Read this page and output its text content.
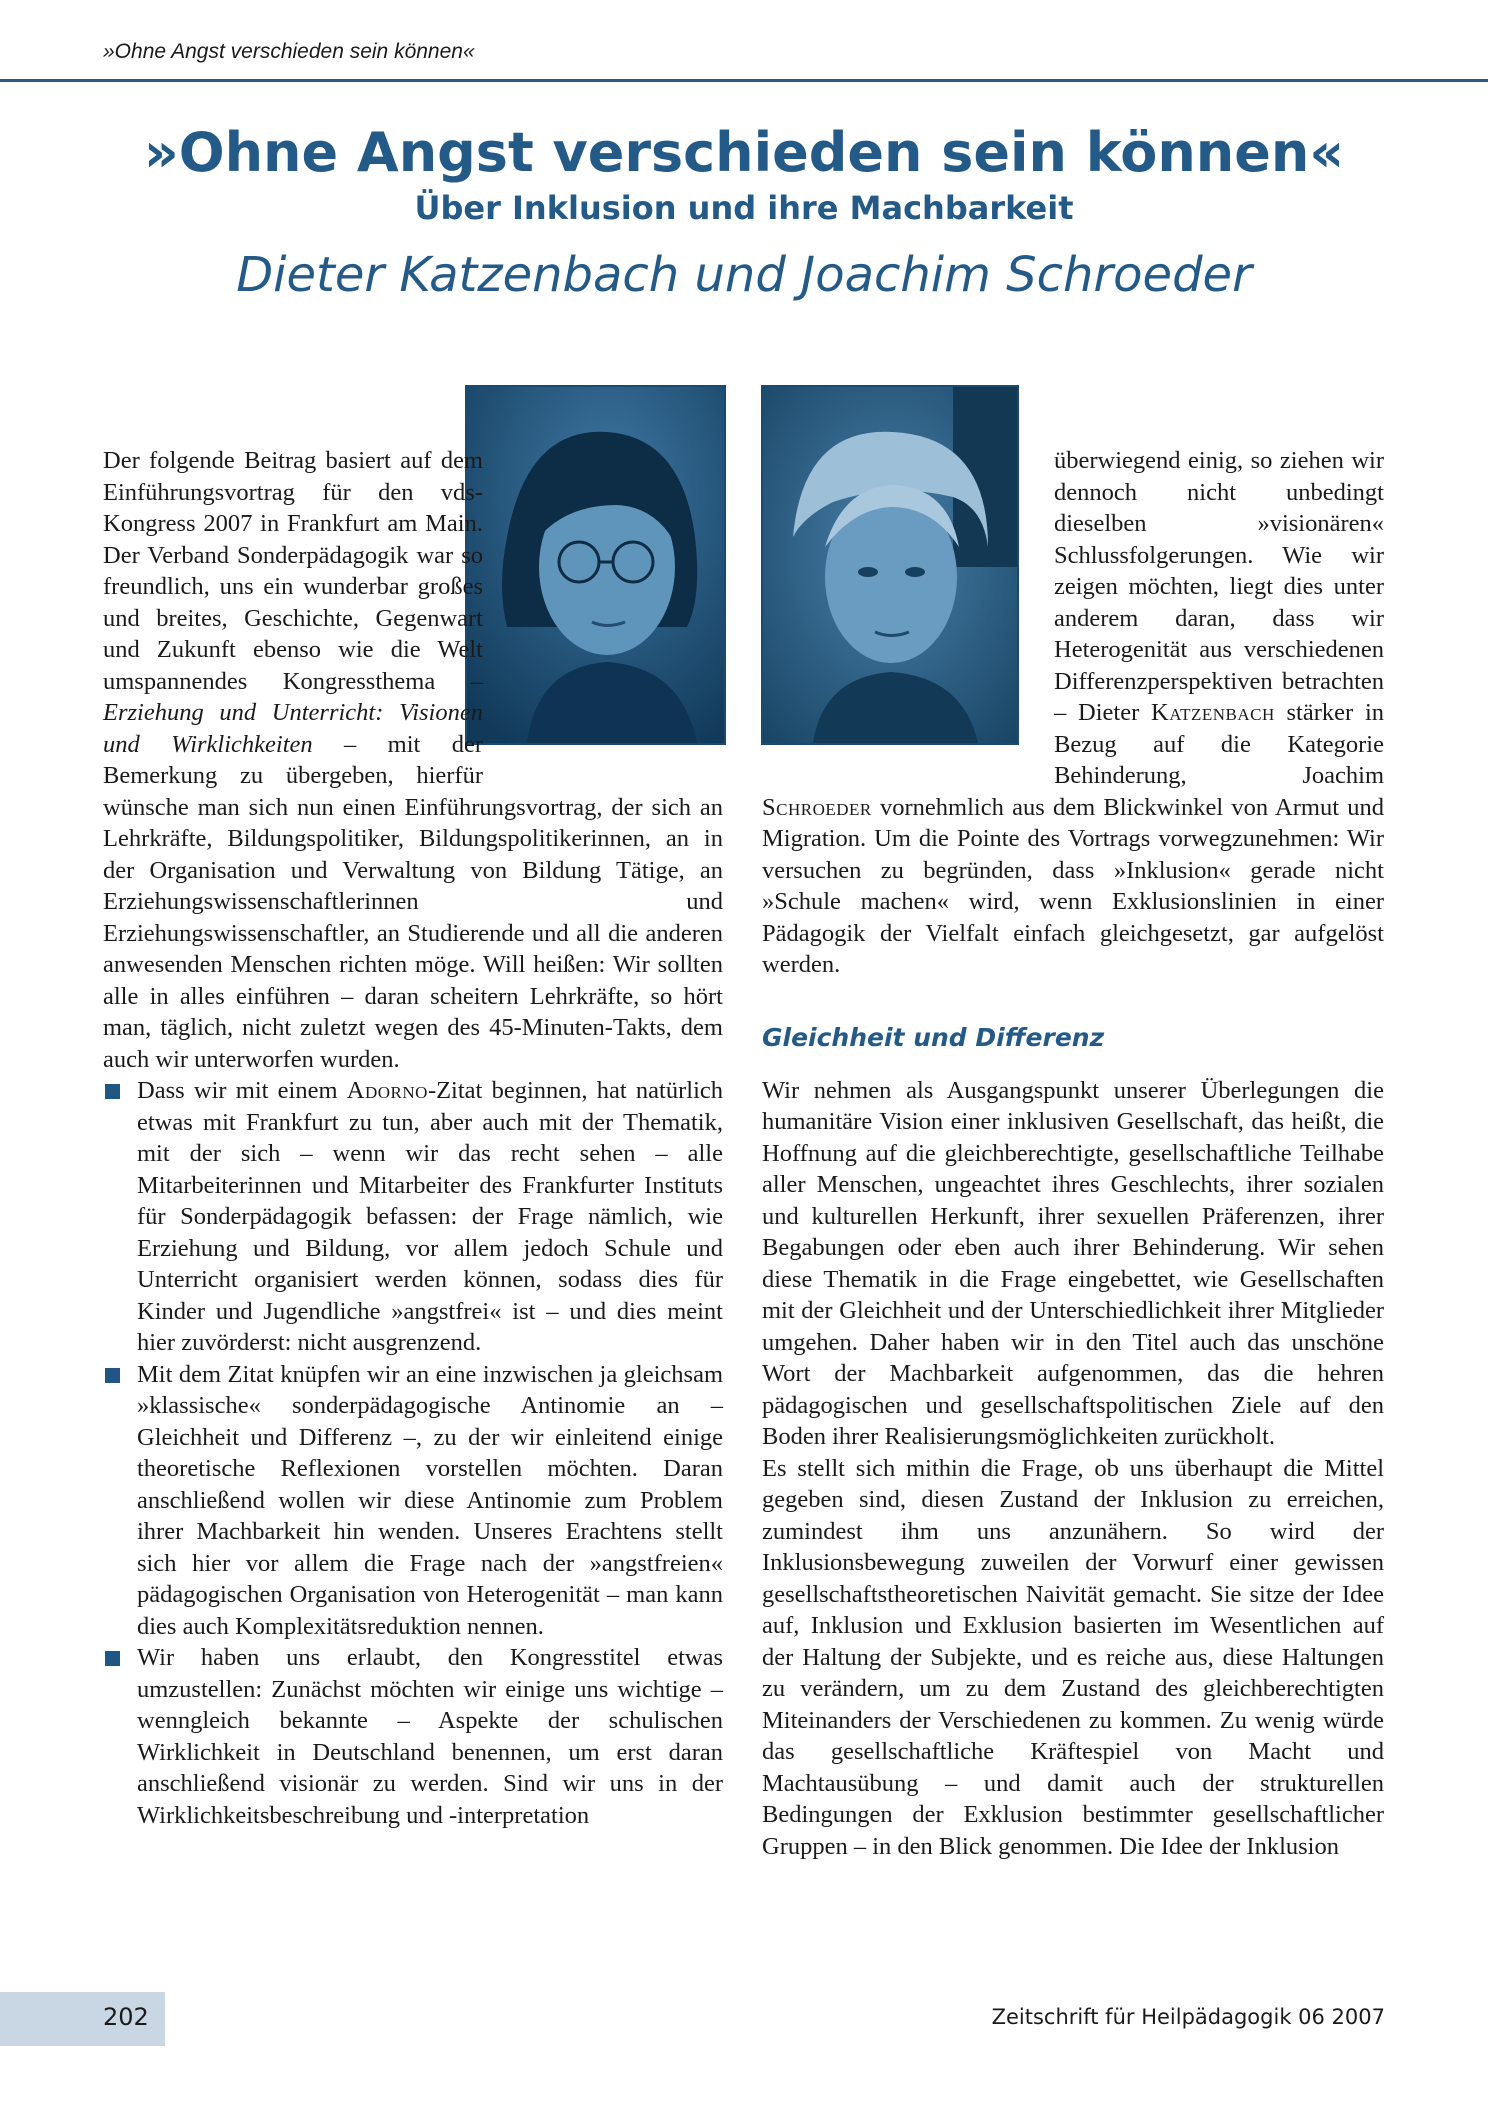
»Ohne Angst verschieden sein können«
»Ohne Angst verschieden sein können«
Über Inklusion und ihre Machbarkeit
Dieter Katzenbach und Joachim Schroeder

Der folgende Beitrag basiert auf dem Einführungsvortrag für den vds-Kongress 2007 in Frankfurt am Main. Der Verband Sonderpädagogik war so freundlich, uns ein wunderbar großes und breites, Geschichte, Gegenwart und Zukunft ebenso wie die Welt umspannendes Kongressthema – Erziehung und Unterricht: Visionen und Wirklichkeiten – mit der Bemerkung zu übergeben, hierfür wünsche man sich nun einen Einführungsvortrag, der sich an Lehrkräfte, Bildungspolitiker, Bildungspolitikerinnen, an in der Organisation und Verwaltung von Bildung Tätige, an Erziehungswissenschaftlerinnen und Erziehungswissenschaftler, an Studierende und all die anderen anwesenden Menschen richten möge. Will heißen: Wir sollten alle in alles einführen – daran scheitern Lehrkräfte, so hört man, täglich, nicht zuletzt wegen des 45-Minuten-Takts, dem auch wir unterworfen wurden.

Dass wir mit einem Adorno-Zitat beginnen, hat natürlich etwas mit Frankfurt zu tun, aber auch mit der Thematik, mit der sich – wenn wir das recht sehen – alle Mitarbeiterinnen und Mitarbeiter des Frankfurter Instituts für Sonderpädagogik befassen: der Frage nämlich, wie Erziehung und Bildung, vor allem jedoch Schule und Unterricht organisiert werden können, sodass dies für Kinder und Jugendliche »angstfrei« ist – und dies meint hier zuvörderst: nicht ausgrenzend.
Mit dem Zitat knüpfen wir an eine inzwischen ja gleichsam »klassische« sonderpädagogische Antinomie an – Gleichheit und Differenz –, zu der wir einleitend einige theoretische Reflexionen vorstellen möchten. Daran anschließend wollen wir diese Antinomie zum Problem ihrer Machbarkeit hin wenden. Unseres Erachtens stellt sich hier vor allem die Frage nach der »angstfreien« pädagogischen Organisation von Heterogenität – man kann dies auch Komplexitätsreduktion nennen.
Wir haben uns erlaubt, den Kongresstitel etwas umzustellen: Zunächst möchten wir einige uns wichtige – wenngleich bekannte – Aspekte der schulischen Wirklichkeit in Deutschland benennen, um erst daran anschließend visionär zu werden. Sind wir uns in der Wirklichkeitsbeschreibung und -interpretation

überwiegend einig, so ziehen wir dennoch nicht unbedingt dieselben »visionären« Schlussfolgerungen. Wie wir zeigen möchten, liegt dies unter anderem daran, dass wir Heterogenität aus verschiedenen Differenzperspektiven betrachten – Dieter Katzenbach stärker in Bezug auf die Kategorie Behinderung, Joachim Schroeder vornehmlich aus dem Blickwinkel von Armut und Migration. Um die Pointe des Vortrags vorwegzunehmen: Wir versuchen zu begründen, dass »Inklusion« gerade nicht »Schule machen« wird, wenn Exklusionslinien in einer Pädagogik der Vielfalt einfach gleichgesetzt, gar aufgelöst werden.

Gleichheit und Differenz

Wir nehmen als Ausgangspunkt unserer Überlegungen die humanitäre Vision einer inklusiven Gesellschaft, das heißt, die Hoffnung auf die gleichberechtigte, gesellschaftliche Teilhabe aller Menschen, ungeachtet ihres Geschlechts, ihrer sozialen und kulturellen Herkunft, ihrer sexuellen Präferenzen, ihrer Begabungen oder eben auch ihrer Behinderung. Wir sehen diese Thematik in die Frage eingebettet, wie Gesellschaften mit der Gleichheit und der Unterschiedlichkeit ihrer Mitglieder umgehen. Daher haben wir in den Titel auch das unschöne Wort der Machbarkeit aufgenommen, das die hehren pädagogischen und gesellschaftspolitischen Ziele auf den Boden ihrer Realisierungsmöglichkeiten zurückholt.

Es stellt sich mithin die Frage, ob uns überhaupt die Mittel gegeben sind, diesen Zustand der Inklusion zu erreichen, zumindest ihm uns anzunähern. So wird der Inklusionsbewegung zuweilen der Vorwurf einer gewissen gesellschaftstheoretischen Naivität gemacht. Sie sitze der Idee auf, Inklusion und Exklusion basierten im Wesentlichen auf der Haltung der Subjekte, und es reiche aus, diese Haltungen zu verändern, um zu dem Zustand des gleichberechtigten Miteinanders der Verschiedenen zu kommen. Zu wenig würde das gesellschaftliche Kräftespiel von Macht und Machtausübung – und damit auch der strukturellen Bedingungen der Exklusion bestimmter gesellschaftlicher Gruppen – in den Blick genommen. Die Idee der Inklusion

202	Zeitschrift für Heilpädagogik 06 2007
